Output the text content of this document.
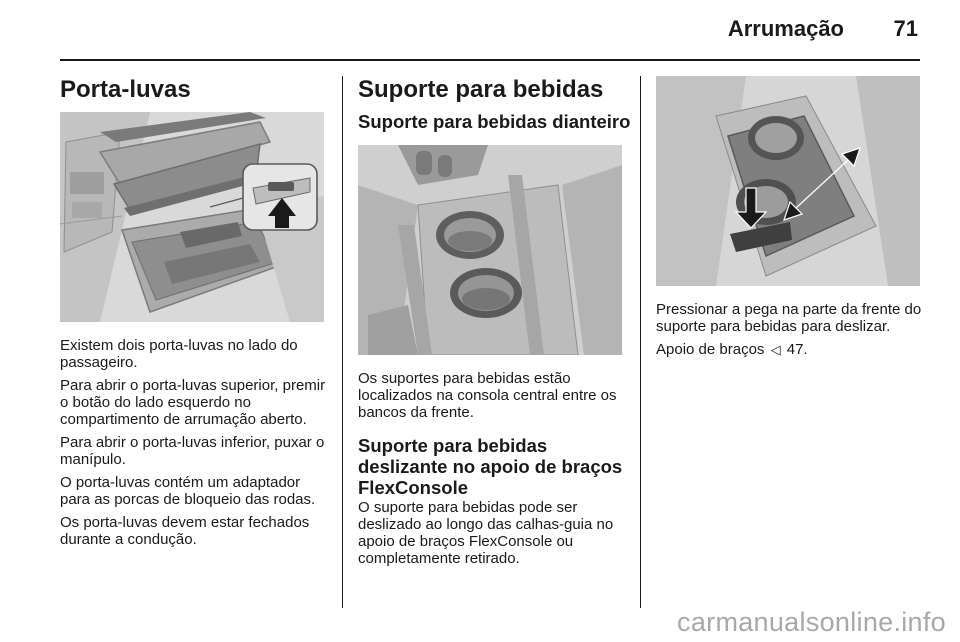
Arrumação 71
Porta-luvas

Existem dois porta-luvas no lado do passageiro.

Para abrir o porta-luvas superior, premir o botão do lado esquerdo no compartimento de arrumação aberto.

Para abrir o porta-luvas inferior, puxar o manípulo.

O porta-luvas contém um adaptador para as porcas de bloqueio das rodas.

Os porta-luvas devem estar fechados durante a condução.

Suporte para bebidas
Suporte para bebidas dianteiro

Os suportes para bebidas estão localizados na consola central entre os bancos da frente.

Suporte para bebidas deslizante no apoio de braços FlexConsole

O suporte para bebidas pode ser deslizado ao longo das calhas-guia no apoio de braços FlexConsole ou completamente retirado.

Pressionar a pega na parte da frente do suporte para bebidas para deslizar.

Apoio de braços ◁ 47.

carmanualsonline.info
